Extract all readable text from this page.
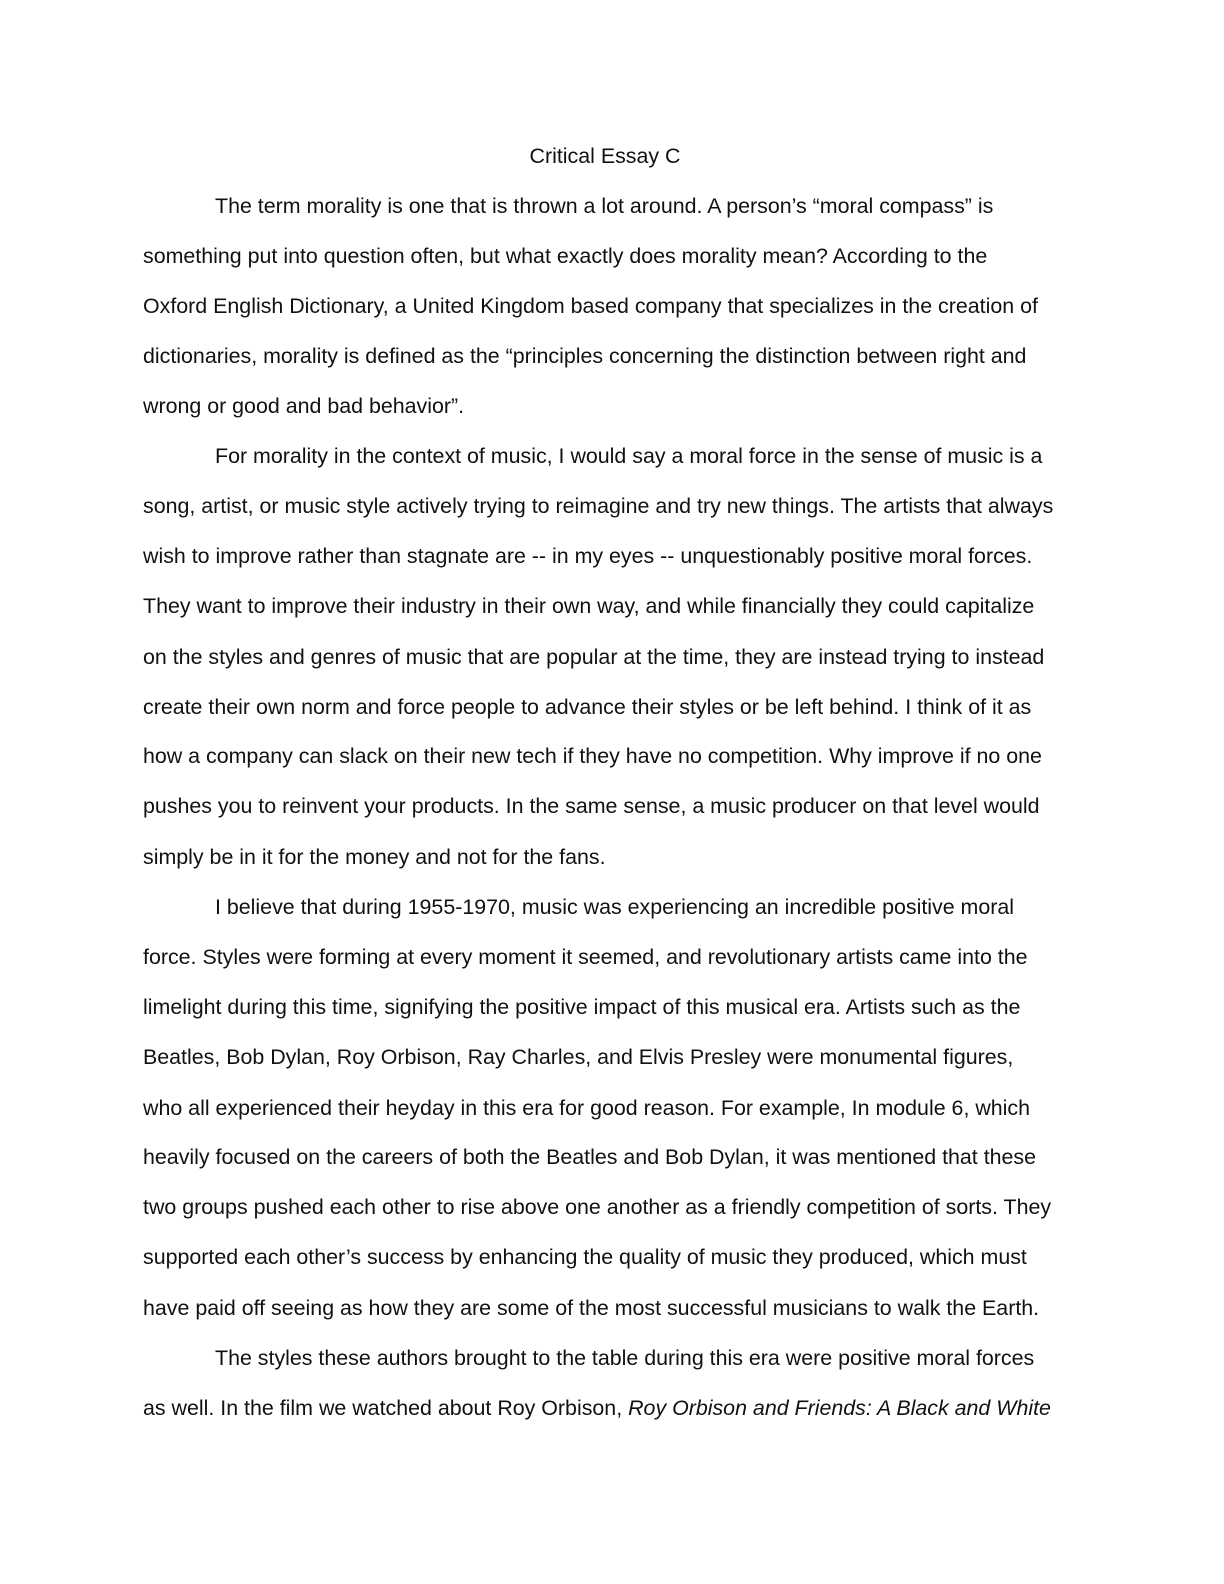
Critical Essay C
The term morality is one that is thrown a lot around. A person’s “moral compass” is
something put into question often, but what exactly does morality mean? According to the
Oxford English Dictionary, a United Kingdom based company that specializes in the creation of
dictionaries, morality is defined as the “principles concerning the distinction between right and
wrong or good and bad behavior”.
For morality in the context of music, I would say a moral force in the sense of music is a
song, artist, or music style actively trying to reimagine and try new things. The artists that always
wish to improve rather than stagnate are -- in my eyes -- unquestionably positive moral forces.
They want to improve their industry in their own way, and while financially they could capitalize
on the styles and genres of music that are popular at the time, they are instead trying to instead
create their own norm and force people to advance their styles or be left behind. I think of it as
how a company can slack on their new tech if they have no competition. Why improve if no one
pushes you to reinvent your products. In the same sense, a music producer on that level would
simply be in it for the money and not for the fans.
I believe that during 1955-1970, music was experiencing an incredible positive moral
force. Styles were forming at every moment it seemed, and revolutionary artists came into the
limelight during this time, signifying the positive impact of this musical era. Artists such as the
Beatles, Bob Dylan, Roy Orbison, Ray Charles, and Elvis Presley were monumental figures,
who all experienced their heyday in this era for good reason. For example, In module 6, which
heavily focused on the careers of both the Beatles and Bob Dylan, it was mentioned that these
two groups pushed each other to rise above one another as a friendly competition of sorts. They
supported each other’s success by enhancing the quality of music they produced, which must
have paid off seeing as how they are some of the most successful musicians to walk the Earth.
The styles these authors brought to the table during this era were positive moral forces
as well. In the film we watched about Roy Orbison, Roy Orbison and Friends: A Black and White
